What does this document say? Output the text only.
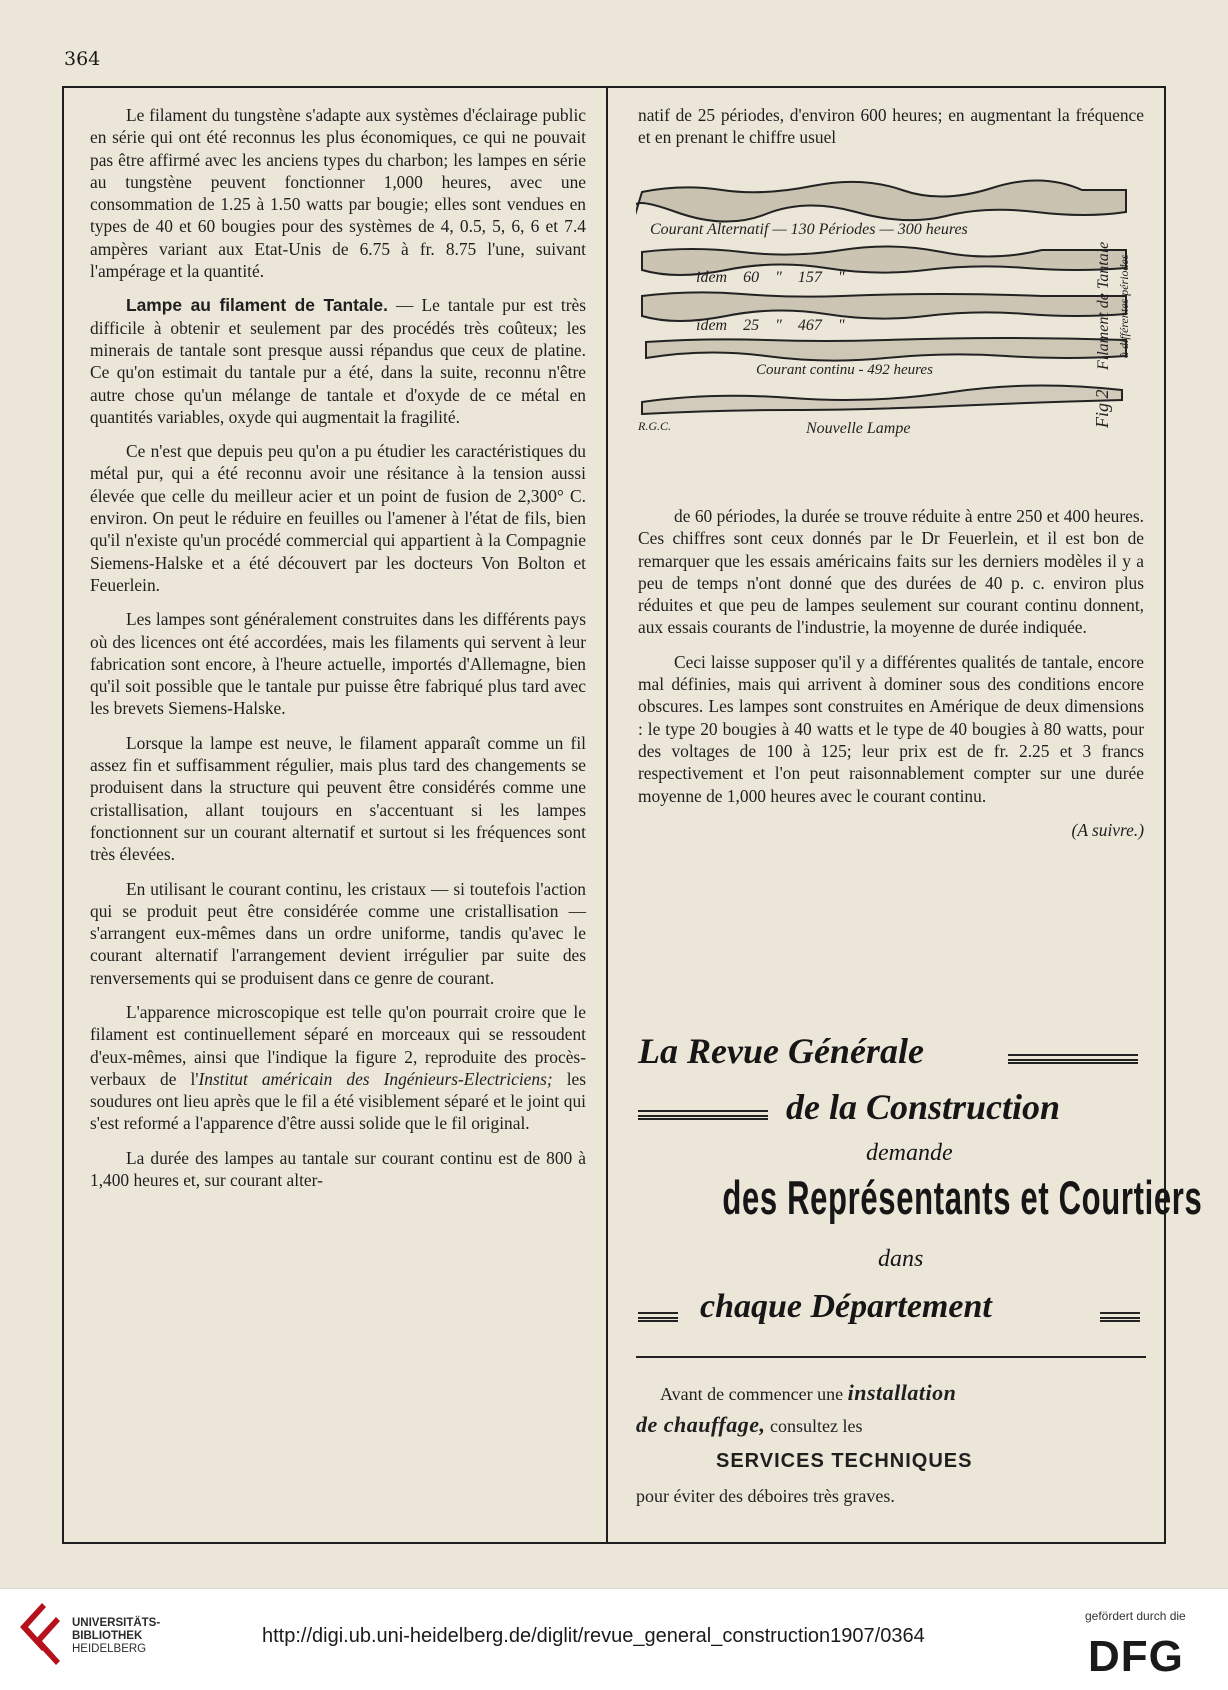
364

Le filament du tungstène s'adapte aux systèmes d'éclairage public en série qui ont été reconnus les plus économiques, ce qui ne pouvait pas être affirmé avec les anciens types du charbon; les lampes en série au tungstène peuvent fonctionner 1,000 heures, avec une consommation de 1.25 à 1.50 watts par bougie; elles sont vendues en types de 40 et 60 bougies pour des systèmes de 4, 0.5, 5, 6, 6 et 7.4 ampères variant aux Etat-Unis de 6.75 à fr. 8.75 l'une, suivant l'ampérage et la quantité.

Lampe au filament de Tantale. — Le tantale pur est très difficile à obtenir et seulement par des procédés très coûteux; les minerais de tantale sont presque aussi répandus que ceux de platine. Ce qu'on estimait du tantale pur a été, dans la suite, reconnu n'être autre chose qu'un mélange de tantale et d'oxyde de ce métal en quantités variables, oxyde qui augmentait la fragilité.

Ce n'est que depuis peu qu'on a pu étudier les caractéristiques du métal pur, qui a été reconnu avoir une résitance à la tension aussi élevée que celle du meilleur acier et un point de fusion de 2,300° C. environ. On peut le réduire en feuilles ou l'amener à l'état de fils, bien qu'il n'existe qu'un procédé commercial qui appartient à la Compagnie Siemens-Halske et a été découvert par les docteurs Von Bolton et Feuerlein.

Les lampes sont généralement construites dans les différents pays où des licences ont été accordées, mais les filaments qui servent à leur fabrication sont encore, à l'heure actuelle, importés d'Allemagne, bien qu'il soit possible que le tantale pur puisse être fabriqué plus tard avec les brevets Siemens-Halske.

Lorsque la lampe est neuve, le filament apparaît comme un fil assez fin et suffisamment régulier, mais plus tard des changements se produisent dans la structure qui peuvent être considérés comme une cristallisation, allant toujours en s'accentuant si les lampes fonctionnent sur un courant alternatif et surtout si les fréquences sont très élevées.

En utilisant le courant continu, les cristaux — si toutefois l'action qui se produit peut être considérée comme une cristallisation — s'arrangent eux-mêmes dans un ordre uniforme, tandis qu'avec le courant alternatif l'arrangement devient irrégulier par suite des renversements qui se produisent dans ce genre de courant.

L'apparence microscopique est telle qu'on pourrait croire que le filament est continuellement séparé en morceaux qui se ressoudent d'eux-mêmes, ainsi que l'indique la figure 2, reproduite des procès-verbaux de l'Institut américain des Ingénieurs-Electriciens; les soudures ont lieu après que le fil a été visiblement séparé et le joint qui s'est reformé a l'apparence d'être aussi solide que le fil original.

La durée des lampes au tantale sur courant continu est de 800 à 1,400 heures et, sur courant alter-

natif de 25 périodes, d'environ 600 heures; en augmentant la fréquence et en prenant le chiffre usuel

Courant Alternatif — 130 Périodes — 300 heures
idem    60    "    157    "
idem    25    "    467    "
Courant continu - 492 heures
Nouvelle Lampe
R.G.C.	Fig 2
Filament de Tantale à différentes périodes

de 60 périodes, la durée se trouve réduite à entre 250 et 400 heures. Ces chiffres sont ceux donnés par le Dr Feuerlein, et il est bon de remarquer que les essais américains faits sur les derniers modèles il y a peu de temps n'ont donné que des durées de 40 p. c. environ plus réduites et que peu de lampes seulement sur courant continu donnent, aux essais courants de l'industrie, la moyenne de durée indiquée.

Ceci laisse supposer qu'il y a différentes qualités de tantale, encore mal définies, mais qui arrivent à dominer sous des conditions encore obscures. Les lampes sont construites en Amérique de deux dimensions : le type 20 bougies à 40 watts et le type de 40 bougies à 80 watts, pour des voltages de 100 à 125; leur prix est de fr. 2.25 et 3 francs respectivement et l'on peut raisonnablement compter sur une durée moyenne de 1,000 heures avec le courant continu.

(A suivre.)

La Revue Générale
de la Construction
demande
des Représentants et Courtiers
dans
chaque Département
Avant de commencer une installation
de chauffage, consultez les
SERVICES TECHNIQUES
pour éviter des déboires très graves.
UNIVERSITÄTS-
BIBLIOTHEK
HEIDELBERG
http://digi.ub.uni-heidelberg.de/diglit/revue_general_construction1907/0364
gefördert durch die
DFG
